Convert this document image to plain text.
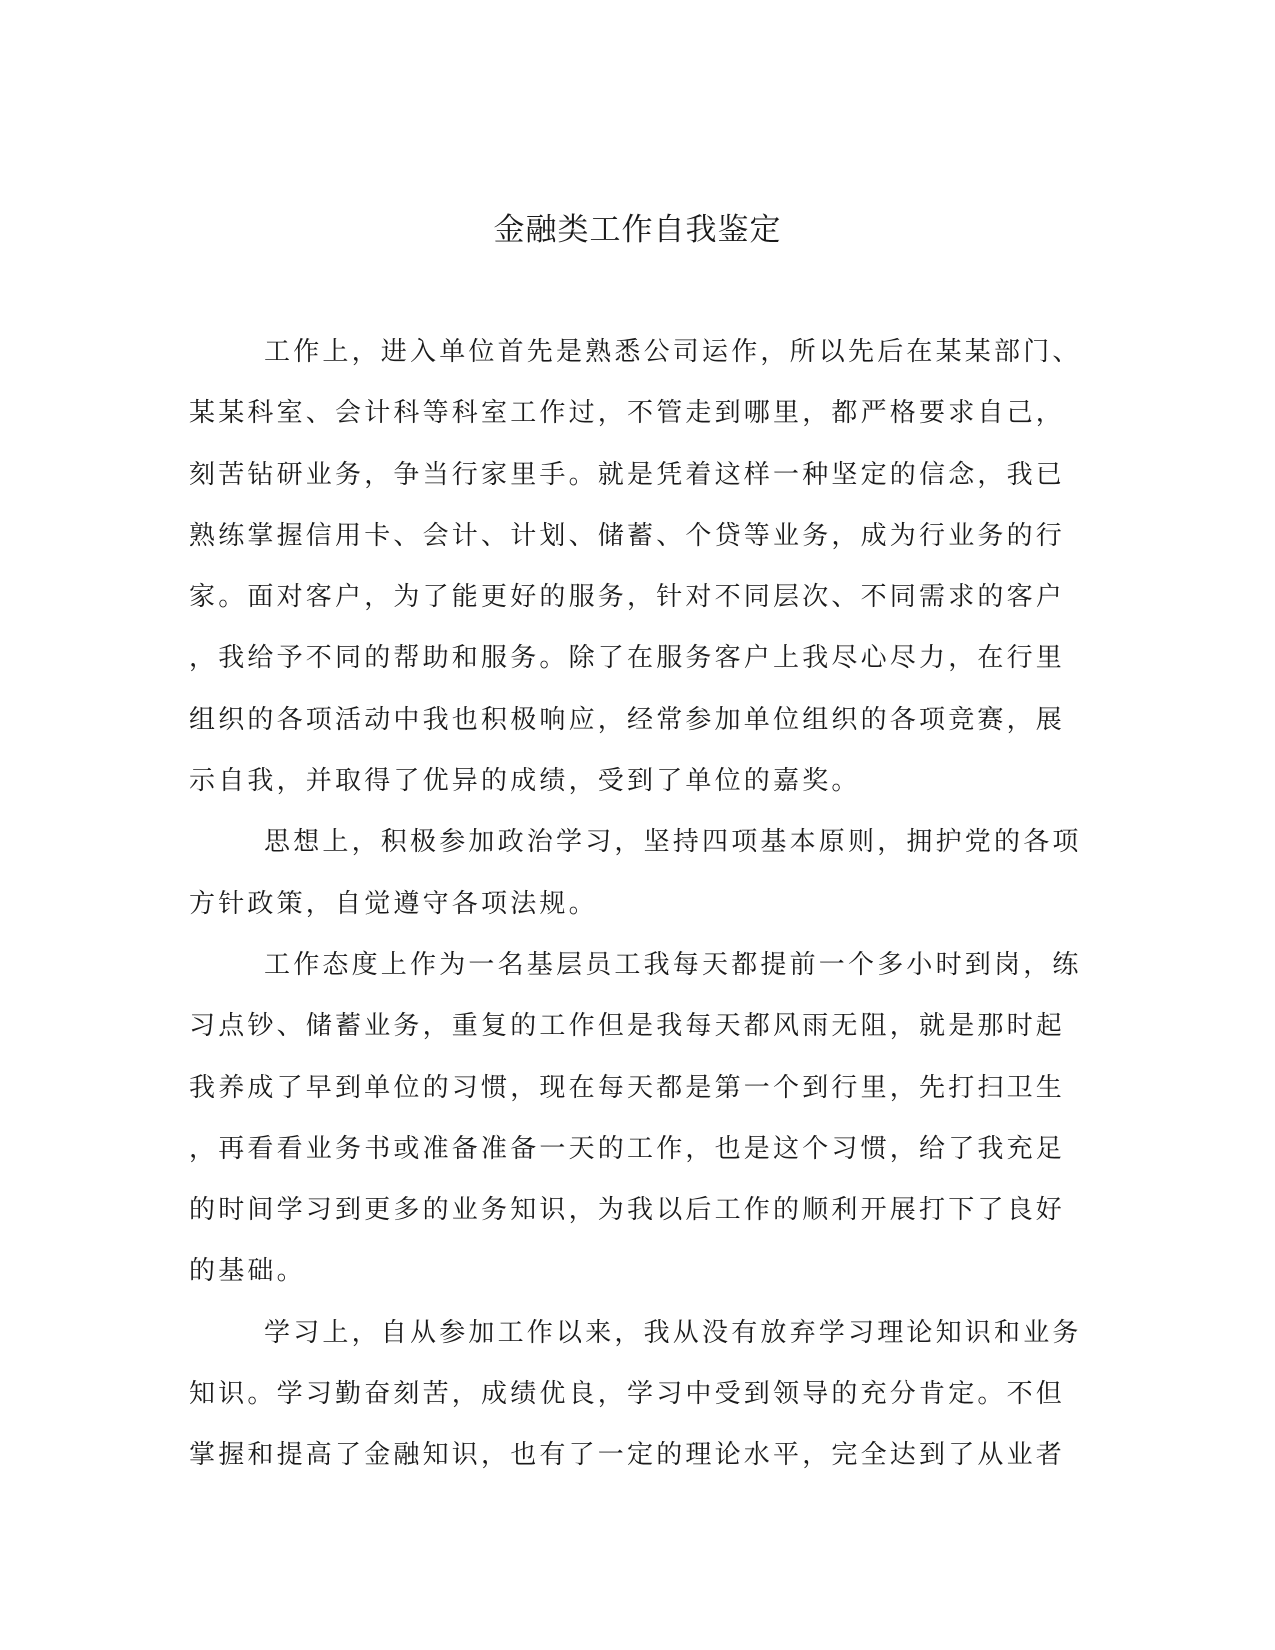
金融类工作自我鉴定
工作上，进入单位首先是熟悉公司运作，所以先后在某某部门、
某某科室、会计科等科室工作过，不管走到哪里，都严格要求自己，
刻苦钻研业务，争当行家里手。就是凭着这样一种坚定的信念，我已
熟练掌握信用卡、会计、计划、储蓄、个贷等业务，成为行业务的行
家。面对客户，为了能更好的服务，针对不同层次、不同需求的客户
，我给予不同的帮助和服务。除了在服务客户上我尽心尽力，在行里
组织的各项活动中我也积极响应，经常参加单位组织的各项竞赛，展
示自我，并取得了优异的成绩，受到了单位的嘉奖。
思想上，积极参加政治学习，坚持四项基本原则，拥护党的各项
方针政策，自觉遵守各项法规。
工作态度上作为一名基层员工我每天都提前一个多小时到岗，练
习点钞、储蓄业务，重复的工作但是我每天都风雨无阻，就是那时起
我养成了早到单位的习惯，现在每天都是第一个到行里，先打扫卫生
，再看看业务书或准备准备一天的工作，也是这个习惯，给了我充足
的时间学习到更多的业务知识，为我以后工作的顺利开展打下了良好
的基础。
学习上，自从参加工作以来，我从没有放弃学习理论知识和业务
知识。学习勤奋刻苦，成绩优良，学习中受到领导的充分肯定。不但
掌握和提高了金融知识，也有了一定的理论水平，完全达到了从业者
